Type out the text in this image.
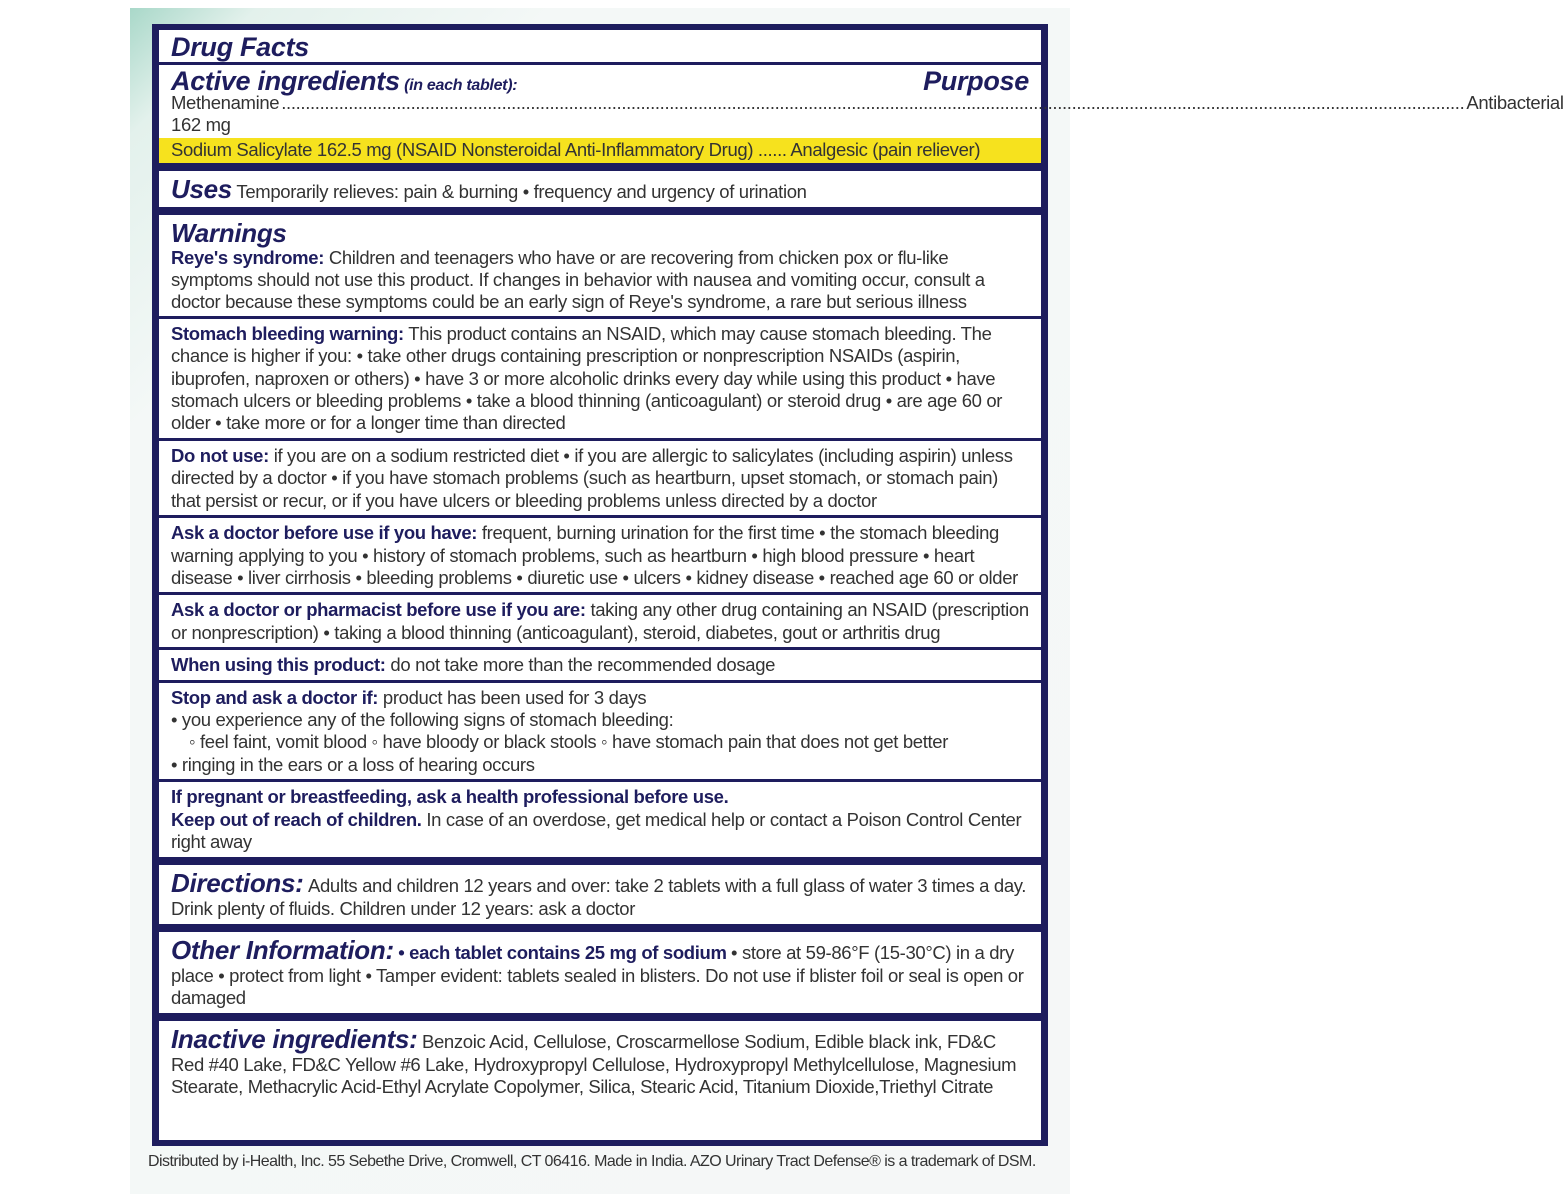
Drug Facts
Active ingredients (in each tablet):	Purpose
Methenamine 162 mg
....................................................................................................................................................................................................................................................... Antibacterial
Sodium Salicylate 162.5 mg (NSAID Nonsteroidal Anti-Inflammatory Drug) ...... Analgesic (pain reliever)
Uses Temporarily relieves: pain & burning • frequency and urgency of urination
Warnings
Reye's syndrome: Children and teenagers who have or are recovering from chicken pox or flu-like symptoms should not use this product. If changes in behavior with nausea and vomiting occur, consult a doctor because these symptoms could be an early sign of Reye's syndrome, a rare but serious illness
Stomach bleeding warning: This product contains an NSAID, which may cause stomach bleeding. The chance is higher if you: • take other drugs containing prescription or nonprescription NSAIDs (aspirin, ibuprofen, naproxen or others) • have 3 or more alcoholic drinks every day while using this product • have stomach ulcers or bleeding problems • take a blood thinning (anticoagulant) or steroid drug • are age 60 or older • take more or for a longer time than directed
Do not use: if you are on a sodium restricted diet • if you are allergic to salicylates (including aspirin) unless directed by a doctor • if you have stomach problems (such as heartburn, upset stomach, or stomach pain) that persist or recur, or if you have ulcers or bleeding problems unless directed by a doctor
Ask a doctor before use if you have: frequent, burning urination for the first time • the stomach bleeding warning applying to you • history of stomach problems, such as heartburn • high blood pressure • heart disease • liver cirrhosis • bleeding problems • diuretic use • ulcers • kidney disease • reached age 60 or older
Ask a doctor or pharmacist before use if you are: taking any other drug containing an NSAID (prescription or nonprescription) • taking a blood thinning (anticoagulant), steroid, diabetes, gout or arthritis drug
When using this product: do not take more than the recommended dosage
Stop and ask a doctor if: product has been used for 3 days
• you experience any of the following signs of stomach bleeding:
◦ feel faint, vomit blood ◦ have bloody or black stools ◦ have stomach pain that does not get better
• ringing in the ears or a loss of hearing occurs
If pregnant or breastfeeding, ask a health professional before use.
Keep out of reach of children. In case of an overdose, get medical help or contact a Poison Control Center right away
Directions: Adults and children 12 years and over: take 2 tablets with a full glass of water 3 times a day. Drink plenty of fluids. Children under 12 years: ask a doctor
Other Information: • each tablet contains 25 mg of sodium • store at 59-86°F (15-30°C) in a dry place • protect from light • Tamper evident: tablets sealed in blisters. Do not use if blister foil or seal is open or damaged
Inactive ingredients: Benzoic Acid, Cellulose, Croscarmellose Sodium, Edible black ink, FD&C Red #40 Lake, FD&C Yellow #6 Lake, Hydroxypropyl Cellulose, Hydroxypropyl Methylcellulose, Magnesium Stearate, Methacrylic Acid-Ethyl Acrylate Copolymer, Silica, Stearic Acid, Titanium Dioxide,Triethyl Citrate
Distributed by i-Health, Inc. 55 Sebethe Drive, Cromwell, CT 06416. Made in India. AZO Urinary Tract Defense® is a trademark of DSM.
